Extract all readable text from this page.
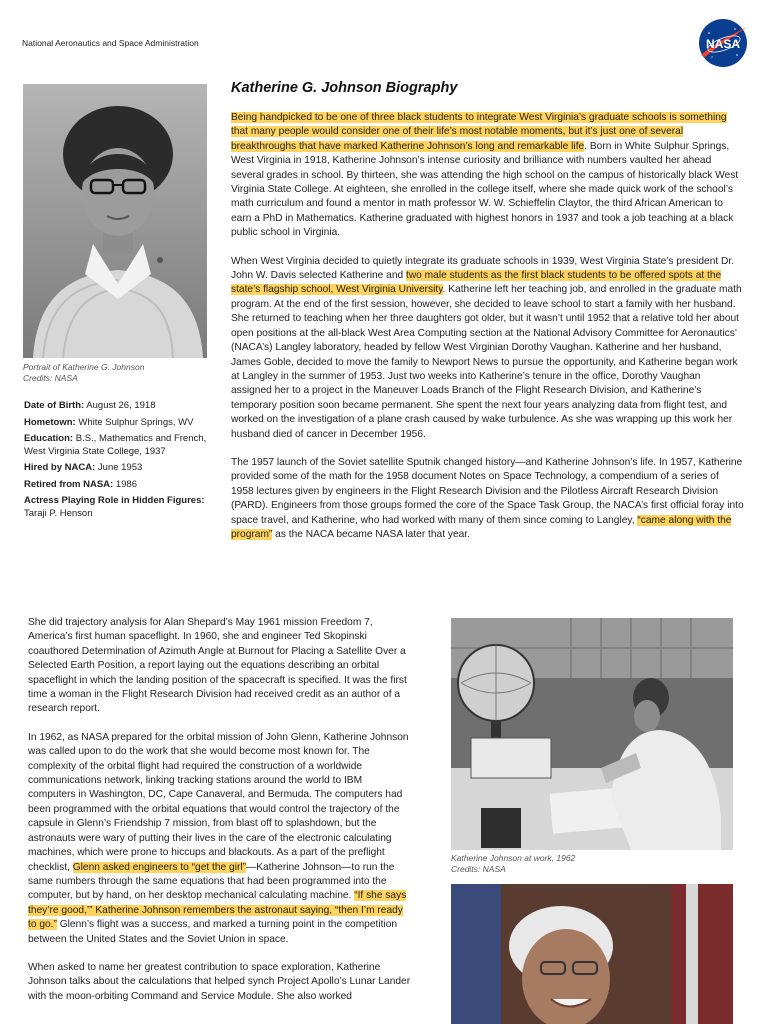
National Aeronautics and Space Administration	NASA
Portrait of Katherine G. Johnson
Credits: NASA
Date of Birth: August 26, 1918
Hometown: White Sulphur Springs, WV
Education: B.S., Mathematics and French, West Virginia State College, 1937
Hired by NACA: June 1953
Retired from NASA: 1986
Actress Playing Role in Hidden Figures:
Taraji P. Henson
Katherine G. Johnson Biography

Being handpicked to be one of three black students to integrate West Virginia’s graduate schools is something that many people would consider one of their life’s most notable moments, but it’s just one of several breakthroughs that have marked Katherine Johnson’s long and remarkable life. Born in White Sulphur Springs, West Virginia in 1918, Katherine Johnson’s intense curiosity and brilliance with numbers vaulted her ahead several grades in school. By thirteen, she was attending the high school on the campus of historically black West Virginia State College. At eighteen, she enrolled in the college itself, where she made quick work of the school’s math curriculum and found a mentor in math professor W. W. Schieffelin Claytor, the third African American to earn a PhD in Mathematics. Katherine graduated with highest honors in 1937 and took a job teaching at a black public school in Virginia.

When West Virginia decided to quietly integrate its graduate schools in 1939, West Virginia State’s president Dr. John W. Davis selected Katherine and two male students as the first black students to be offered spots at the state’s flagship school, West Virginia University. Katherine left her teaching job, and enrolled in the graduate math program. At the end of the first session, however, she decided to leave school to start a family with her husband. She returned to teaching when her three daughters got older, but it wasn’t until 1952 that a relative told her about open positions at the all-black West Area Computing section at the National Advisory Committee for Aeronautics’ (NACA’s) Langley laboratory, headed by fellow West Virginian Dorothy Vaughan. Katherine and her husband, James Goble, decided to move the family to Newport News to pursue the opportunity, and Katherine began work at Langley in the summer of 1953. Just two weeks into Katherine’s tenure in the office, Dorothy Vaughan assigned her to a project in the Maneuver Loads Branch of the Flight Research Division, and Katherine’s temporary position soon became permanent. She spent the next four years analyzing data from flight test, and worked on the investigation of a plane crash caused by wake turbulence. As she was wrapping up this work her husband died of cancer in December 1956.

The 1957 launch of the Soviet satellite Sputnik changed history—and Katherine Johnson’s life. In 1957, Katherine provided some of the math for the 1958 document Notes on Space Technology, a compendium of a series of 1958 lectures given by engineers in the Flight Research Division and the Pilotless Aircraft Research Division (PARD). Engineers from those groups formed the core of the Space Task Group, the NACA’s first official foray into space travel, and Katherine, who had worked with many of them since coming to Langley, “came along with the program” as the NACA became NASA later that year.

She did trajectory analysis for Alan Shepard’s May 1961 mission Freedom 7, America’s first human spaceflight. In 1960, she and engineer Ted Skopinski coauthored Determination of Azimuth Angle at Burnout for Placing a Satellite Over a Selected Earth Position, a report laying out the equations describing an orbital spaceflight in which the landing position of the spacecraft is specified. It was the first time a woman in the Flight Research Division had received credit as an author of a research report.

In 1962, as NASA prepared for the orbital mission of John Glenn, Katherine Johnson was called upon to do the work that she would become most known for. The complexity of the orbital flight had required the construction of a worldwide communications network, linking tracking stations around the world to IBM computers in Washington, DC, Cape Canaveral, and Bermuda. The computers had been programmed with the orbital equations that would control the trajectory of the capsule in Glenn’s Friendship 7 mission, from blast off to splashdown, but the astronauts were wary of putting their lives in the care of the electronic calculating machines, which were prone to hiccups and blackouts. As a part of the preflight checklist, Glenn asked engineers to “get the girl”—Katherine Johnson—to run the same numbers through the same equations that had been programmed into the computer, but by hand, on her desktop mechanical calculating machine. “If she says they’re good,’” Katherine Johnson remembers the astronaut saying, “then I’m ready to go.” Glenn’s flight was a success, and marked a turning point in the competition between the United States and the Soviet Union in space.

When asked to name her greatest contribution to space exploration, Katherine Johnson talks about the calculations that helped synch Project Apollo’s Lunar Lander with the moon-orbiting Command and Service Module. She also worked

Katherine Johnson at work, 1962
Credits: NASA
